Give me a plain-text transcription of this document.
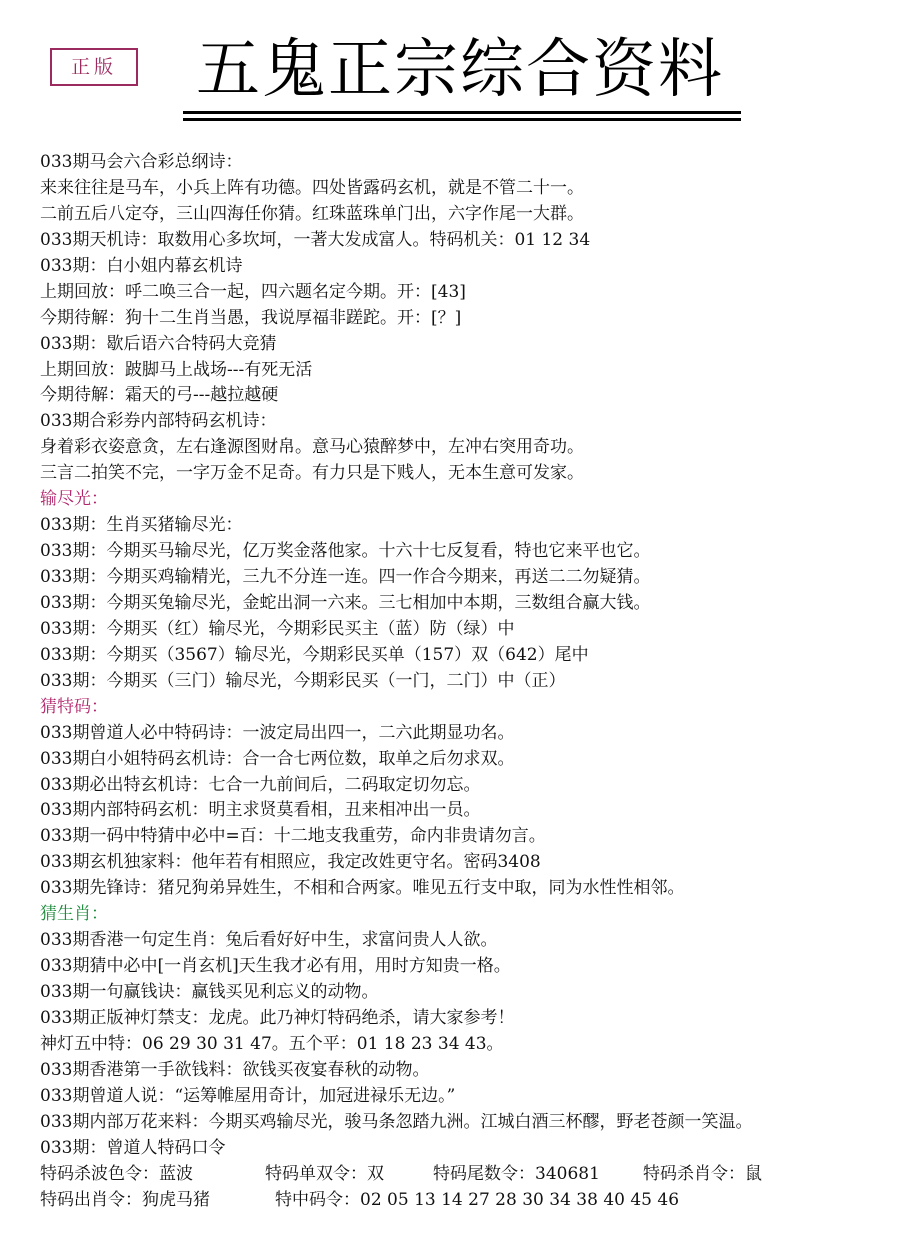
正版	五鬼正宗综合资料
033期马会六合彩总纲诗：
来来往往是马车，小兵上阵有功德。四处皆露码玄机，就是不管二十一。
二前五后八定夺，三山四海任你猜。红珠蓝珠单门出，六字作尾一大群。
033期天机诗：取数用心多坎坷，一著大发成富人。特码机关：01 12 34
033期：白小姐内幕玄机诗
上期回放：呼二唤三合一起，四六题名定今期。开：[43]
今期待解：狗十二生肖当愚，我说厚福非蹉跎。开：[？]
033期：歇后语六合特码大竞猜
上期回放：跛脚马上战场---有死无活
今期待解：霜天的弓---越拉越硬
033期合彩券内部特码玄机诗：
身着彩衣姿意贪，左右逢源图财帛。意马心猿醉梦中，左冲右突用奇功。
三言二拍笑不完，一字万金不足奇。有力只是下贱人，无本生意可发家。
输尽光：
033期：生肖买猪输尽光：
033期：今期买马输尽光，亿万奖金落他家。十六十七反复看，特也它来平也它。
033期：今期买鸡输精光，三九不分连一连。四一作合今期来，再送二二勿疑猜。
033期：今期买兔输尽光，金蛇出洞一六来。三七相加中本期，三数组合赢大钱。
033期：今期买（红）输尽光，今期彩民买主（蓝）防（绿）中
033期：今期买（3567）输尽光，今期彩民买单（157）双（642）尾中
033期：今期买（三门）输尽光，今期彩民买（一门，二门）中（正）
猜特码：
033期曾道人必中特码诗：一波定局出四一，二六此期显功名。
033期白小姐特码玄机诗：合一合七两位数，取单之后勿求双。
033期必出特玄机诗：七合一九前间后，二码取定切勿忘。
033期内部特码玄机：明主求贤莫看相，丑来相冲出一员。
033期一码中特猜中必中=百：十二地支我重劳，命内非贵请勿言。
033期玄机独家料：他年若有相照应，我定改姓更守名。密码3408
033期先锋诗：猪兄狗弟异姓生，不相和合两家。唯见五行支中取，同为水性性相邻。
猜生肖：
033期香港一句定生肖：兔后看好好中生，求富问贵人人欲。
033期猜中必中[一肖玄机]天生我才必有用，用时方知贵一格。
033期一句赢钱诀：赢钱买见利忘义的动物。
033期正版神灯禁支：龙虎。此乃神灯特码绝杀，请大家参考！
神灯五中特：06 29 30 31 47。五个平：01 18 23 34 43。
033期香港第一手欲钱料：欲钱买夜宴春秋的动物。
033期曾道人说：“运筹帷屋用奇计，加冠进禄乐无边。”
033期内部万花来料：今期买鸡输尽光，骏马条忽踏九洲。江城白酒三杯醪，野老苍颜一笑温。
033期：曾道人特码口令
特码杀波色令：蓝波	特码单双令：双	特码尾数令：340681	特码杀肖令：鼠
特码出肖令：狗虎马猪	特中码令：02 05 13 14 27 28 30 34 38 40 45 46
